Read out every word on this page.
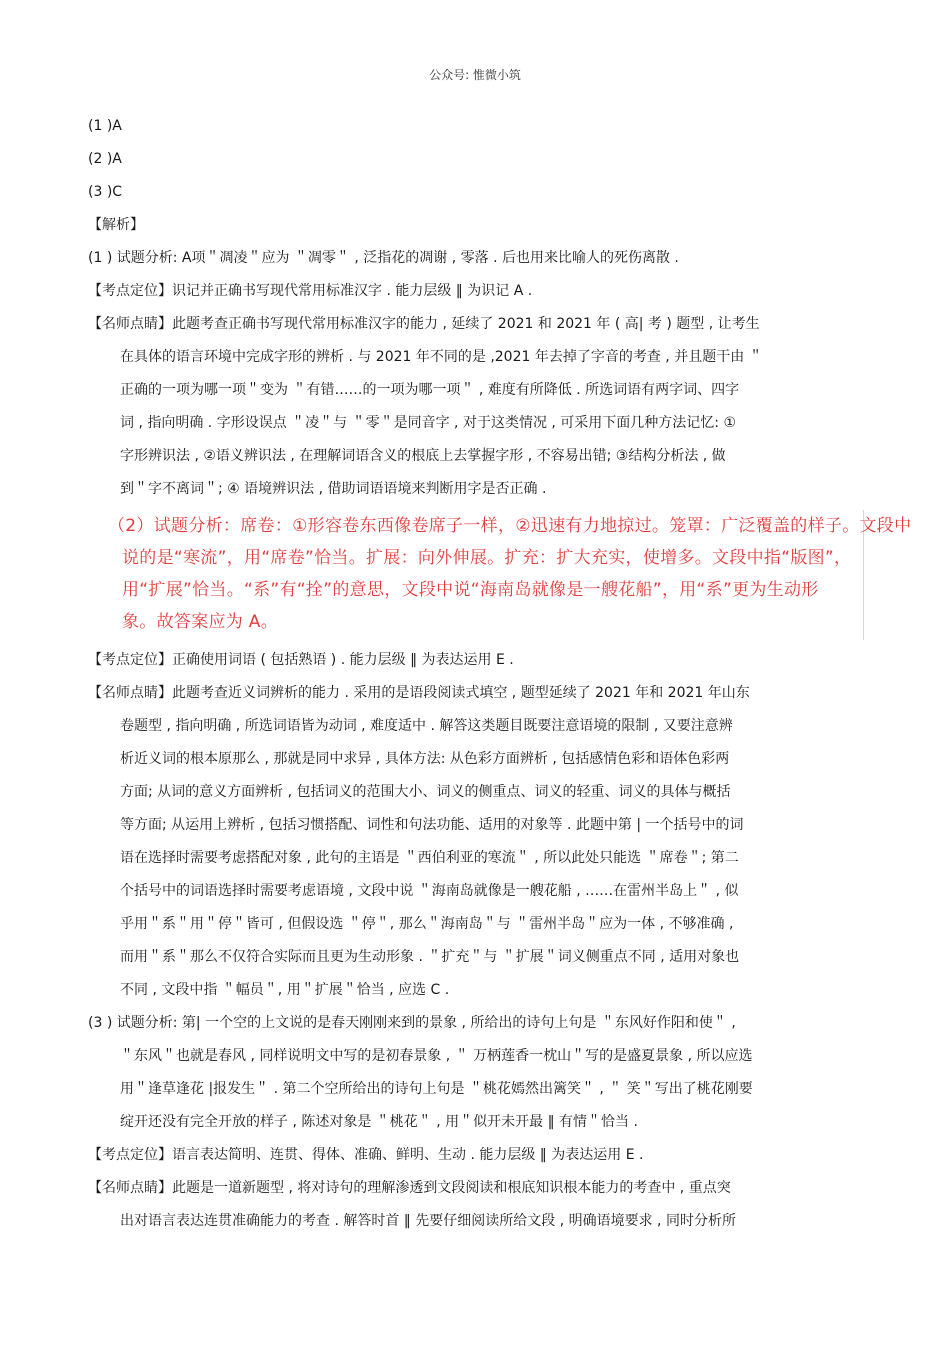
公众号: 惟微小筑
(1 )A
(2 )A
(3 )C
【解析】
(1 ) 试题分析: A项＂凋凌＂应为 ＂凋零＂ , 泛指花的凋谢 , 零落 . 后也用来比喻人的死伤离散 .
【考点定位】识记并正确书写现代常用标准汉字 . 能力层级 ‖ 为识记 A .
【名师点睛】此题考查正确书写现代常用标准汉字的能力 , 延续了 2021 和 2021 年 ( 高| 考 ) 题型 , 让考生
在具体的语言环境中完成字形的辨析 . 与 2021 年不同的是 ,2021 年去掉了字音的考查 , 并且题干由 ＂
正确的一项为哪一项＂变为 ＂有错……的一项为哪一项＂ , 难度有所降低 . 所选词语有两字词、四字
词 , 指向明确 . 字形设误点 ＂凌＂与 ＂零＂是同音字 , 对于这类情况 , 可采用下面几种方法记忆: ①
字形辨识法 , ②语义辨识法 , 在理解词语含义的根底上去掌握字形 , 不容易出错; ③结构分析法 , 做
到＂字不离词＂; ④ 语境辨识法 , 借助词语语境来判断用字是否正确 .
（2）试题分析：席卷：①形容卷东西像卷席子一样，②迅速有力地掠过。笼罩：广泛覆盖的样子。文段中
说的是“寒流”，用“席卷”恰当。扩展：向外伸展。扩充：扩大充实，使增多。文段中指“版图”，
用“扩展”恰当。“系”有“拴”的意思，文段中说“海南岛就像是一艘花船”，用“系”更为生动形
象。故答案应为 A。
【考点定位】正确使用词语 ( 包括熟语 ) . 能力层级 ‖ 为表达运用 E .
【名师点睛】此题考查近义词辨析的能力 . 采用的是语段阅读式填空 , 题型延续了 2021 年和 2021 年山东
卷题型 , 指向明确 , 所选词语皆为动词 , 难度适中 . 解答这类题目既要注意语境的限制 , 又要注意辨
析近义词的根本原那么 , 那就是同中求异 , 具体方法: 从色彩方面辨析 , 包括感情色彩和语体色彩两
方面; 从词的意义方面辨析 , 包括词义的范围大小、词义的侧重点、词义的轻重、词义的具体与概括
等方面; 从运用上辨析 , 包括习惯搭配、词性和句法功能、适用的对象等 . 此题中第 | 一个括号中的词
语在选择时需要考虑搭配对象 , 此句的主语是 ＂西伯利亚的寒流＂ , 所以此处只能选 ＂席卷＂; 第二
个括号中的词语选择时需要考虑语境 , 文段中说 ＂海南岛就像是一艘花船 , ……在雷州半岛上＂ , 似
乎用＂系＂用＂停＂皆可 , 但假设选 ＂停＂, 那么＂海南岛＂与 ＂雷州半岛＂应为一体 , 不够准确 ,
而用＂系＂那么不仅符合实际而且更为生动形象 . ＂扩充＂与 ＂扩展＂词义侧重点不同 , 适用对象也
不同 , 文段中指 ＂幅员＂, 用＂扩展＂恰当 , 应选 C .
(3 ) 试题分析: 第| 一个空的上文说的是春天刚刚来到的景象 , 所给出的诗句上句是 ＂东风好作阳和使＂ ,
＂东风＂也就是春风 , 同样说明文中写的是初春景象 , ＂ 万柄莲香一枕山＂写的是盛夏景象 , 所以应选
用＂逢草逢花 |报发生＂ . 第二个空所给出的诗句上句是 ＂桃花嫣然出篱笑＂ , ＂ 笑＂写出了桃花刚要
绽开还没有完全开放的样子 , 陈述对象是 ＂桃花＂ , 用＂似开未开最 ‖ 有情＂恰当 .
【考点定位】语言表达简明、连贯、得体、准确、鲜明、生动 . 能力层级 ‖ 为表达运用 E .
【名师点睛】此题是一道新题型 , 将对诗句的理解渗透到文段阅读和根底知识根本能力的考查中 , 重点突
出对语言表达连贯准确能力的考查 . 解答时首 ‖ 先要仔细阅读所给文段 , 明确语境要求 , 同时分析所
